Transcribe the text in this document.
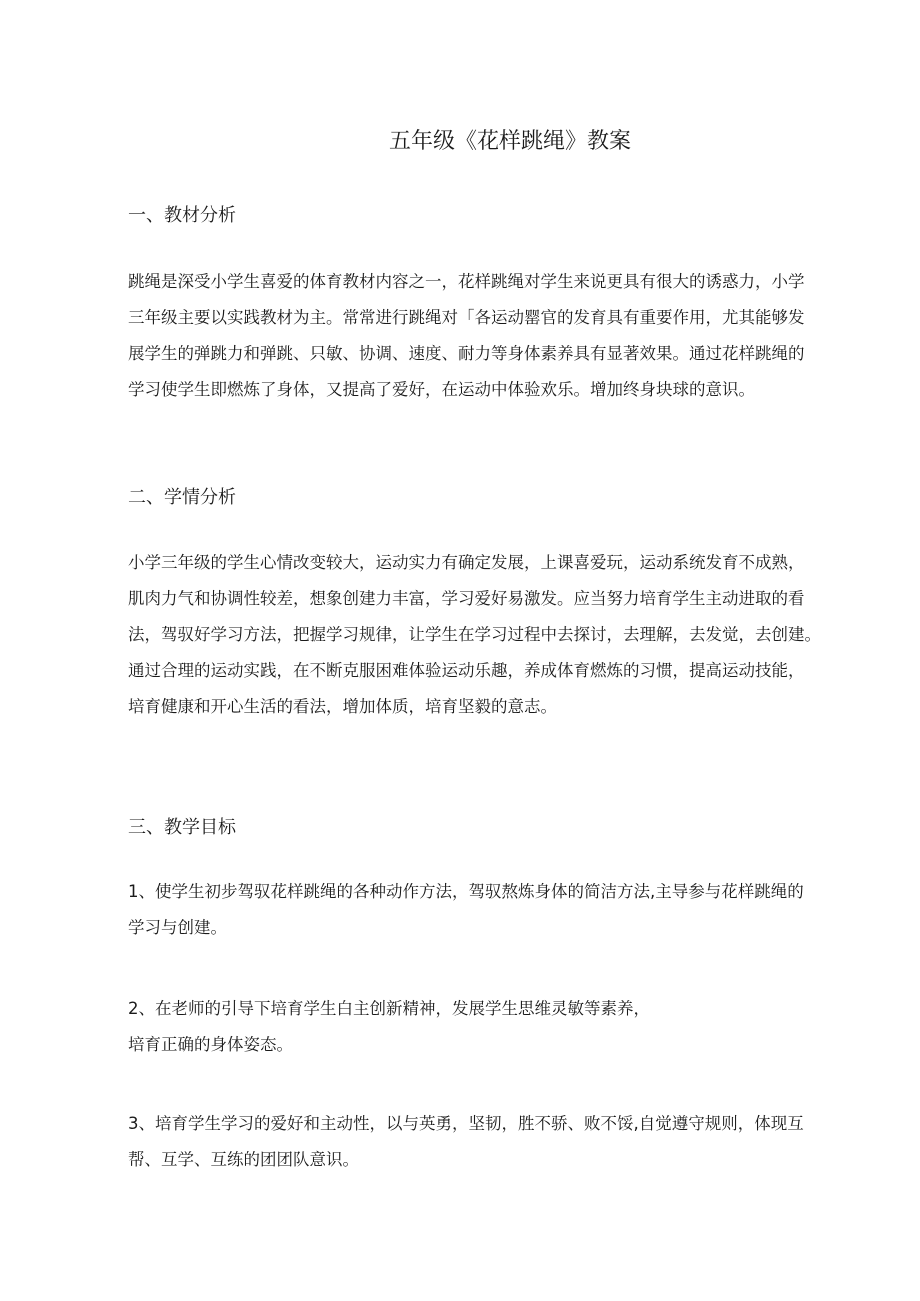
五年级《花样跳绳》教案
一、教材分析

跳绳是深受小学生喜爱的体育教材内容之一，花样跳绳对学生来说更具有很大的诱惑力，小学
三年级主要以实践教材为主。常常进行跳绳对「各运动罂官的发育具有重要作用，尤其能够发
展学生的弹跳力和弹跳、只敏、协调、速度、耐力等身体素养具有显著效果。通过花样跳绳的
学习使学生即燃炼了身体，又提高了爱好，在运动中体验欢乐。增加终身块球的意识。

二、学情分析

小学三年级的学生心情改变较大，运动实力有确定发展，上课喜爱玩，运动系统发育不成熟，
肌肉力气和协调性较差，想象创建力丰富，学习爱好易激发。应当努力培育学生主动进取的看
法，驾驭好学习方法，把握学习规律，让学生在学习过程中去探讨，去理解，去发觉，去创建。
通过合理的运动实践，在不断克服困难体验运动乐趣，养成体育燃炼的习惯，提高运动技能，
培育健康和开心生活的看法，增加体质，培育坚毅的意志。

三、教学目标

1、使学生初步驾驭花样跳绳的各种动作方法，驾驭熬炼身体的简洁方法,主导参与花样跳绳的
学习与创建。

2、在老师的引导下培育学生白主创新精神，发展学生思维灵敏等素养，
培育正确的身体姿态。

3、培育学生学习的爱好和主动性，以与英勇，坚韧，胜不骄、败不馁,自觉遵守规则，体现互
帮、互学、互练的团团队意识。
